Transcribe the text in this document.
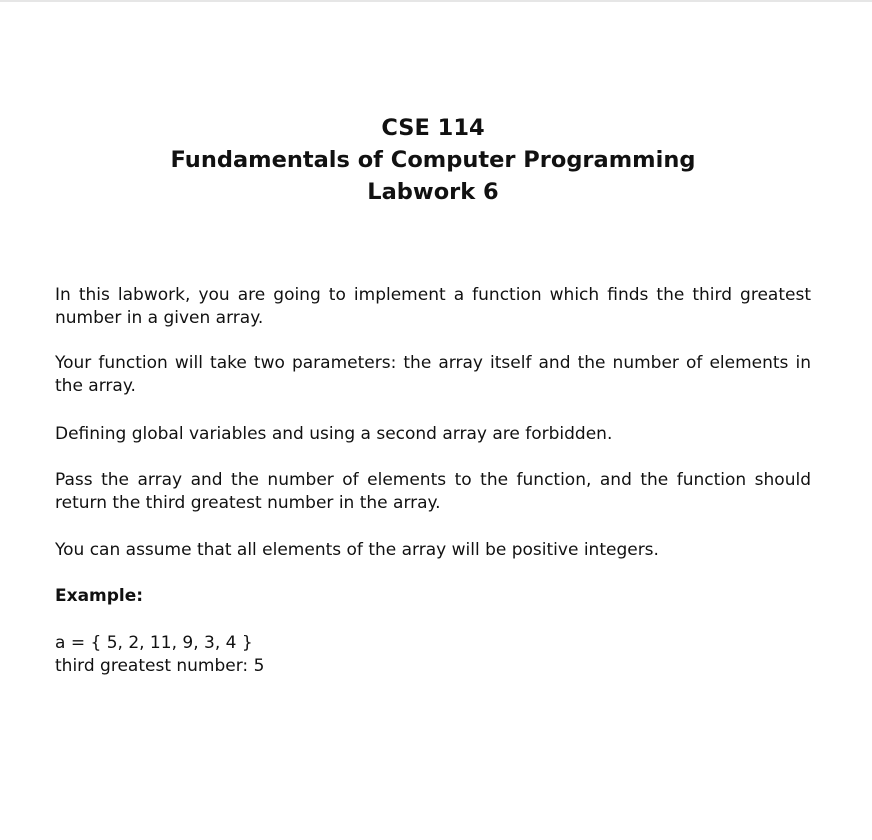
CSE 114
Fundamentals of Computer Programming
Labwork 6

In this labwork, you are going to implement a function which finds the third greatest number in a given array.

Your function will take two parameters: the array itself and the number of elements in the array.

Defining global variables and using a second array are forbidden.

Pass the array and the number of elements to the function, and the function should return the third greatest number in the array.

You can assume that all elements of the array will be positive integers.

Example:
a = { 5, 2, 11, 9, 3, 4 }
third greatest number: 5
